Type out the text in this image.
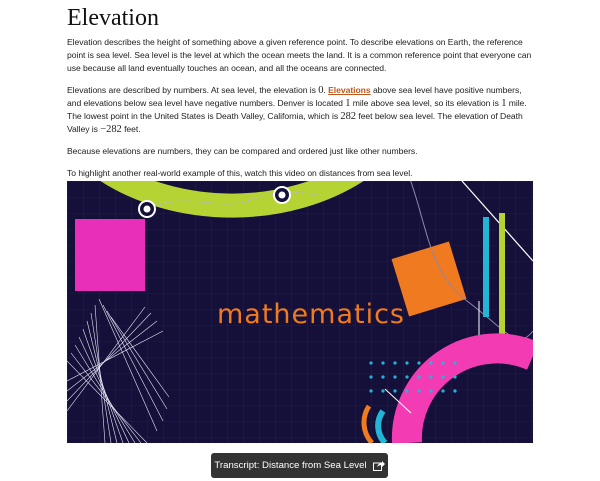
Elevation

Elevation describes the height of something above a given reference point. To describe elevations on Earth, the reference point is sea level. Sea level is the level at which the ocean meets the land. It is a common reference point that everyone can use because all land eventually touches an ocean, and all the oceans are connected.

Elevations are described by numbers. At sea level, the elevation is 0. Elevations above sea level have positive numbers, and elevations below sea level have negative numbers. Denver is located 1 mile above sea level, so its elevation is 1 mile. The lowest point in the United States is Death Valley, California, which is 282 feet below sea level. The elevation of Death Valley is −282 feet.

Because elevations are numbers, they can be compared and ordered just like other numbers.

To highlight another real-world example of this, watch this video on distances from sea level.

mathematics
Transcript: Distance from Sea Level
